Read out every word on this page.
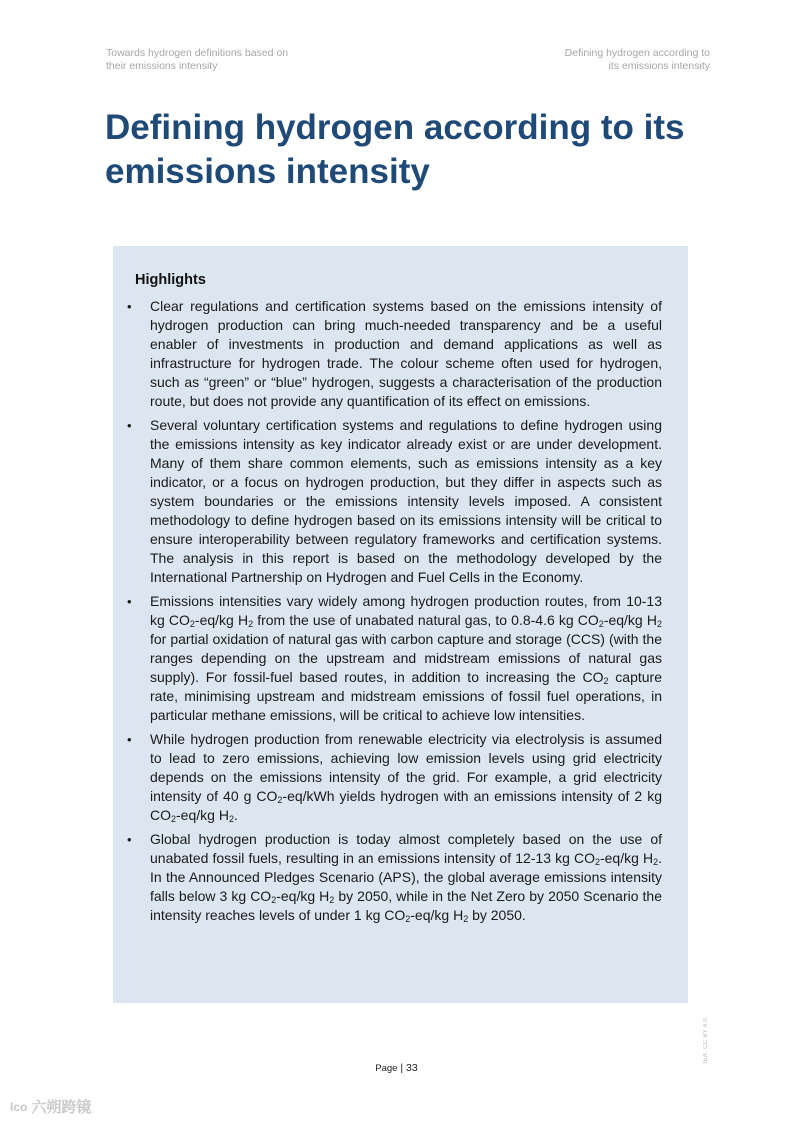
Towards hydrogen definitions based on
their emissions intensity
Defining hydrogen according to
its emissions intensity
Defining hydrogen according to its emissions intensity
Highlights
• Clear regulations and certification systems based on the emissions intensity of hydrogen production can bring much-needed transparency and be a useful enabler of investments in production and demand applications as well as infrastructure for hydrogen trade. The colour scheme often used for hydrogen, such as “green” or “blue” hydrogen, suggests a characterisation of the production route, but does not provide any quantification of its effect on emissions.
• Several voluntary certification systems and regulations to define hydrogen using the emissions intensity as key indicator already exist or are under development. Many of them share common elements, such as emissions intensity as a key indicator, or a focus on hydrogen production, but they differ in aspects such as system boundaries or the emissions intensity levels imposed. A consistent methodology to define hydrogen based on its emissions intensity will be critical to ensure interoperability between regulatory frameworks and certification systems. The analysis in this report is based on the methodology developed by the International Partnership on Hydrogen and Fuel Cells in the Economy.
• Emissions intensities vary widely among hydrogen production routes, from 10-13 kg $CO_2-eq/kg$ $H_2$ from the use of unabated natural gas, to 0.8-4.6 kg $CO_2-eq/kg$ $H_2$ for partial oxidation of natural gas with carbon capture and storage (CCS) (with the ranges depending on the upstream and midstream emissions of natural gas supply). For fossil-fuel based routes, in addition to increasing the $CO_2$ capture rate, minimising upstream and midstream emissions of fossil fuel operations, in particular methane emissions, will be critical to achieve low intensities.
• While hydrogen production from renewable electricity via electrolysis is assumed to lead to zero emissions, achieving low emission levels using grid electricity depends on the emissions intensity of the grid. For example, a grid electricity intensity of 40 g $CO_2-eq$/kWh yields hydrogen with an emissions intensity of 2 kg $CO_2-eq/kg$ $H_2$.
• Global hydrogen production is today almost completely based on the use of unabated fossil fuels, resulting in an emissions intensity of 12-13 kg $CO_2-eq/kg$ $H_2$. In the Announced Pledges Scenario (APS), the global average emissions intensity falls below 3 kg $CO_2-eq/kg$ $H_2$ by 2050, while in the Net Zero by 2050 Scenario the intensity reaches levels of under 1 kg $CO_2-eq/kg$ $H_2$ by 2050.
Page | 33
IEA. CC BY 4.0.
Ico 六朔跨镜
